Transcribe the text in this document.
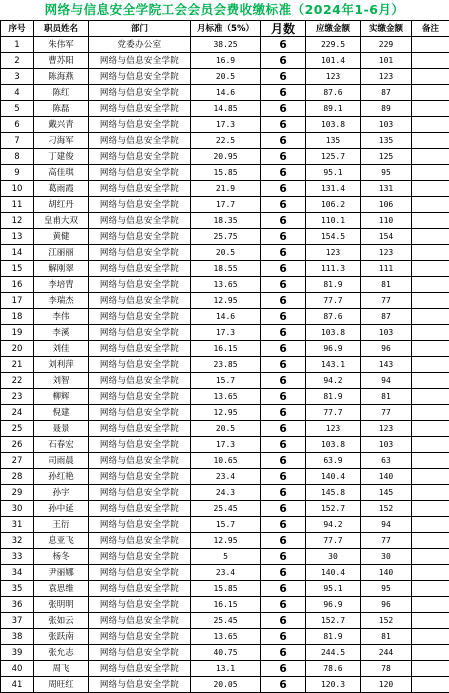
网络与信息安全学院工会会员会费收缴标准（2024年1-6月）
序号	职员姓名	部门	月标准（5%）	月数	应缴金额	实缴金额	备注
1	朱伟军	党委办公室	38.25	6	229.5	229	
2	曹苏阳	网络与信息安全学院	16.9	6	101.4	101	
3	陈海燕	网络与信息安全学院	20.5	6	123	123	
4	陈红	网络与信息安全学院	14.6	6	87.6	87	
5	陈磊	网络与信息安全学院	14.85	6	89.1	89	
6	戴兴青	网络与信息安全学院	17.3	6	103.8	103	
7	刁海军	网络与信息安全学院	22.5	6	135	135	
8	丁建俊	网络与信息安全学院	20.95	6	125.7	125	
9	高佳琪	网络与信息安全学院	15.85	6	95.1	95	
10	葛雨霞	网络与信息安全学院	21.9	6	131.4	131	
11	胡红丹	网络与信息安全学院	17.7	6	106.2	106	
12	皇甫大双	网络与信息安全学院	18.35	6	110.1	110	
13	黄健	网络与信息安全学院	25.75	6	154.5	154	
14	江丽丽	网络与信息安全学院	20.5	6	123	123	
15	解刚翠	网络与信息安全学院	18.55	6	111.3	111	
16	李培胄	网络与信息安全学院	13.65	6	81.9	81	
17	李瑞杰	网络与信息安全学院	12.95	6	77.7	77	
18	李伟	网络与信息安全学院	14.6	6	87.6	87	
19	李溪	网络与信息安全学院	17.3	6	103.8	103	
20	刘佳	网络与信息安全学院	16.15	6	96.9	96	
21	刘利萍	网络与信息安全学院	23.85	6	143.1	143	
22	刘智	网络与信息安全学院	15.7	6	94.2	94	
23	柳辉	网络与信息安全学院	13.65	6	81.9	81	
24	倪建	网络与信息安全学院	12.95	6	77.7	77	
25	聂景	网络与信息安全学院	20.5	6	123	123	
26	石春宏	网络与信息安全学院	17.3	6	103.8	103	
27	司雨晨	网络与信息安全学院	10.65	6	63.9	63	
28	孙红艳	网络与信息安全学院	23.4	6	140.4	140	
29	孙宇	网络与信息安全学院	24.3	6	145.8	145	
30	孙中延	网络与信息安全学院	25.45	6	152.7	152	
31	王衍	网络与信息安全学院	15.7	6	94.2	94	
32	息亚飞	网络与信息安全学院	12.95	6	77.7	77	
33	杨冬	网络与信息安全学院	5	6	30	30	
34	尹丽娜	网络与信息安全学院	23.4	6	140.4	140	
35	袁思维	网络与信息安全学院	15.85	6	95.1	95	
36	张明明	网络与信息安全学院	16.15	6	96.9	96	
37	张如云	网络与信息安全学院	25.45	6	152.7	152	
38	张跃南	网络与信息安全学院	13.65	6	81.9	81	
39	张允志	网络与信息安全学院	40.75	6	244.5	244	
40	周飞	网络与信息安全学院	13.1	6	78.6	78	
41	周旺红	网络与信息安全学院	20.05	6	120.3	120	
